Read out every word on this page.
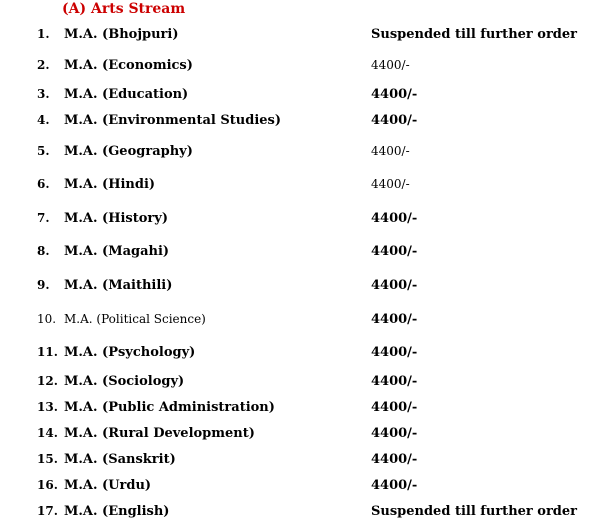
(A) Arts Stream
1. M.A. (Bhojpuri)	Suspended till further order
2. M.A. (Economics)	4400/-
3. M.A. (Education)	4400/-
4. M.A. (Environmental Studies)	4400/-
5. M.A. (Geography)	4400/-
6. M.A. (Hindi)	4400/-
7. M.A. (History)	4400/-
8. M.A. (Magahi)	4400/-
9. M.A. (Maithili)	4400/-
10. M.A. (Political Science)	4400/-
11. M.A. (Psychology)	4400/-
12. M.A. (Sociology)	4400/-
13. M.A. (Public Administration)	4400/-
14. M.A. (Rural Development)	4400/-
15. M.A. (Sanskrit)	4400/-
16. M.A. (Urdu)	4400/-
17. M.A. (English)	Suspended till further order
